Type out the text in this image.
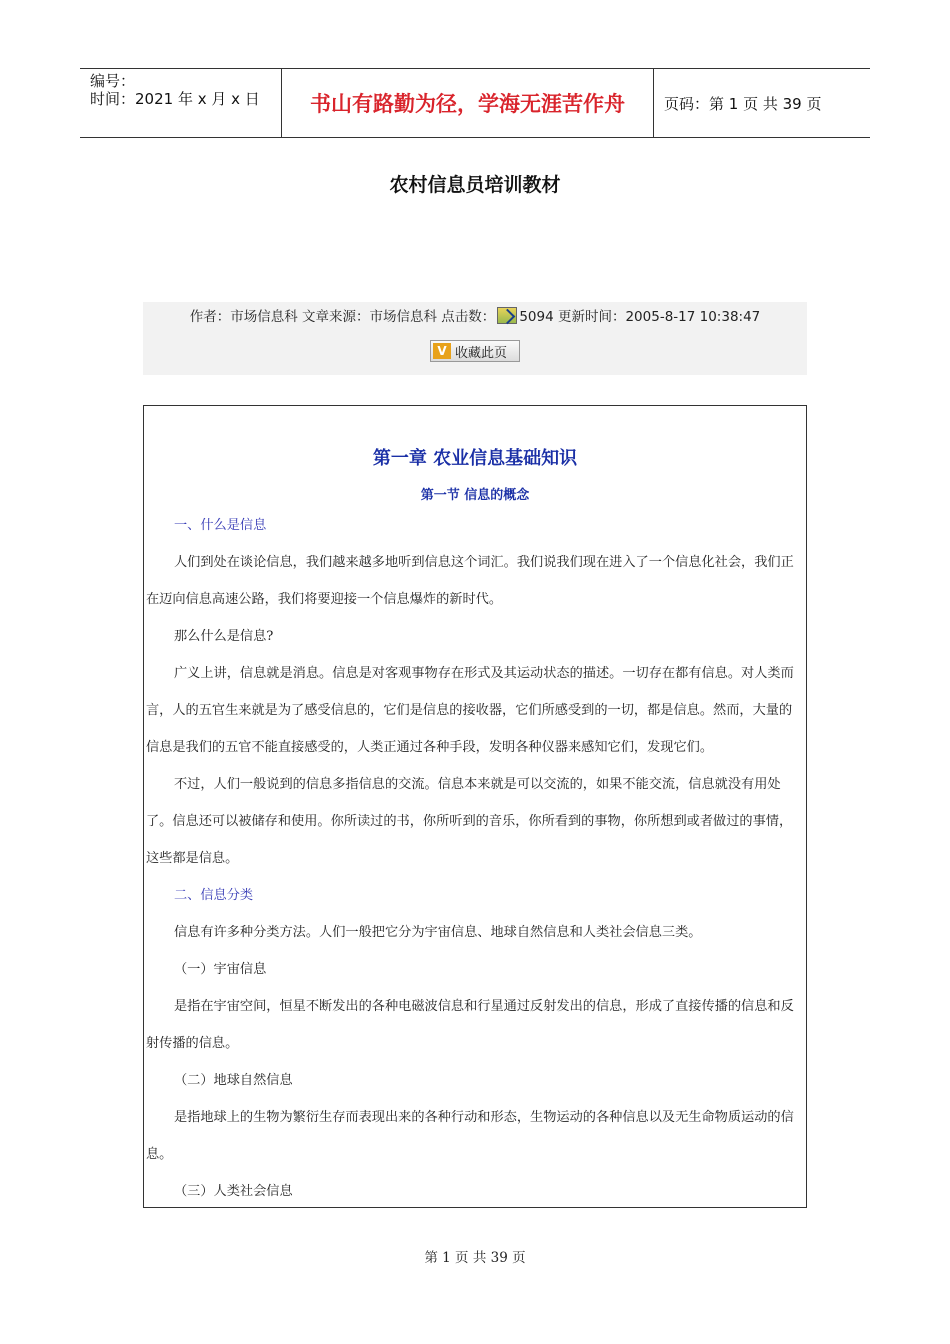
编号：
时间：2021 年 x 月 x 日	书山有路勤为径，学海无涯苦作舟	页码：第 1 页 共 39 页
农村信息员培训教材
作者：市场信息科 文章来源：市场信息科 点击数： 5094 更新时间：2005-8-17 10:38:47
V 收藏此页
第一章 农业信息基础知识
第一节 信息的概念

一、什么是信息

人们到处在谈论信息，我们越来越多地听到信息这个词汇。我们说我们现在进入了一个信息化社会，我们正在迈向信息高速公路，我们将要迎接一个信息爆炸的新时代。

那么什么是信息?

广义上讲，信息就是消息。信息是对客观事物存在形式及其运动状态的描述。一切存在都有信息。对人类而言，人的五官生来就是为了感受信息的，它们是信息的接收器，它们所感受到的一切，都是信息。然而，大量的信息是我们的五官不能直接感受的，人类正通过各种手段，发明各种仪器来感知它们，发现它们。

不过，人们一般说到的信息多指信息的交流。信息本来就是可以交流的，如果不能交流，信息就没有用处了。信息还可以被储存和使用。你所读过的书，你所听到的音乐，你所看到的事物，你所想到或者做过的事情，这些都是信息。

二、信息分类

信息有许多种分类方法。人们一般把它分为宇宙信息、地球自然信息和人类社会信息三类。

（一）宇宙信息

是指在宇宙空间，恒星不断发出的各种电磁波信息和行星通过反射发出的信息，形成了直接传播的信息和反射传播的信息。

（二）地球自然信息

是指地球上的生物为繁衍生存而表现出来的各种行动和形态，生物运动的各种信息以及无生命物质运动的信息。

（三）人类社会信息

第 1 页 共 39 页
